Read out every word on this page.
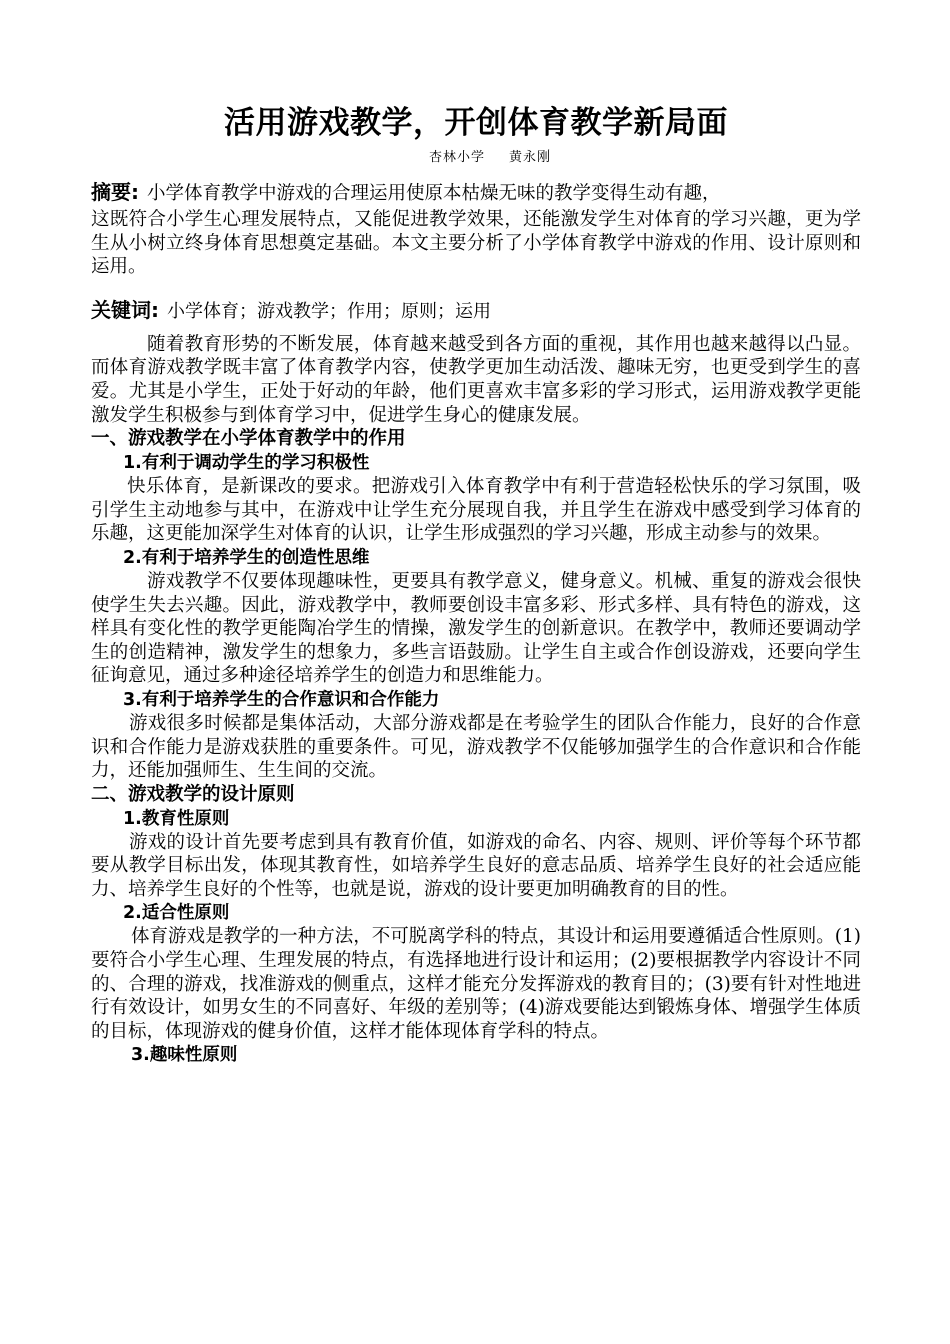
活用游戏教学，开创体育教学新局面
杏林小学 黄永刚
摘要: 小学体育教学中游戏的合理运用使原本枯燥无味的教学变得生动有趣，

这既符合小学生心理发展特点，又能促进教学效果，还能激发学生对体育的学习兴趣，更为学生从小树立终身体育思想奠定基础。本文主要分析了小学体育教学中游戏的作用、设计原则和运用。

关键词: 小学体育；游戏教学；作用；原则；运用

随着教育形势的不断发展，体育越来越受到各方面的重视，其作用也越来越得以凸显。而体育游戏教学既丰富了体育教学内容，使教学更加生动活泼、趣味无穷，也更受到学生的喜爱。尤其是小学生，正处于好动的年龄，他们更喜欢丰富多彩的学习形式，运用游戏教学更能激发学生积极参与到体育学习中，促进学生身心的健康发展。

一、游戏教学在小学体育教学中的作用
1.有利于调动学生的学习积极性

快乐体育，是新课改的要求。把游戏引入体育教学中有利于营造轻松快乐的学习氛围，吸引学生主动地参与其中，在游戏中让学生充分展现自我，并且学生在游戏中感受到学习体育的乐趣，这更能加深学生对体育的认识，让学生形成强烈的学习兴趣，形成主动参与的效果。

2.有利于培养学生的创造性思维

游戏教学不仅要体现趣味性，更要具有教学意义，健身意义。机械、重复的游戏会很快使学生失去兴趣。因此，游戏教学中，教师要创设丰富多彩、形式多样、具有特色的游戏，这样具有变化性的教学更能陶冶学生的情操，激发学生的创新意识。在教学中，教师还要调动学生的创造精神，激发学生的想象力，多些言语鼓励。让学生自主或合作创设游戏，还要向学生征询意见，通过多种途径培养学生的创造力和思维能力。

3.有利于培养学生的合作意识和合作能力

游戏很多时候都是集体活动，大部分游戏都是在考验学生的团队合作能力，良好的合作意识和合作能力是游戏获胜的重要条件。可见，游戏教学不仅能够加强学生的合作意识和合作能力，还能加强师生、生生间的交流。

二、游戏教学的设计原则
1.教育性原则

游戏的设计首先要考虑到具有教育价值，如游戏的命名、内容、规则、评价等每个环节都要从教学目标出发，体现其教育性，如培养学生良好的意志品质、培养学生良好的社会适应能力、培养学生良好的个性等，也就是说，游戏的设计要更加明确教育的目的性。

2.适合性原则

体育游戏是教学的一种方法，不可脱离学科的特点，其设计和运用要遵循适合性原则。(1)要符合小学生心理、生理发展的特点，有选择地进行设计和运用；(2)要根据教学内容设计不同的、合理的游戏，找准游戏的侧重点，这样才能充分发挥游戏的教育目的；(3)要有针对性地进行有效设计，如男女生的不同喜好、年级的差别等；(4)游戏要能达到锻炼身体、增强学生体质的目标，体现游戏的健身价值，这样才能体现体育学科的特点。

3.趣味性原则
